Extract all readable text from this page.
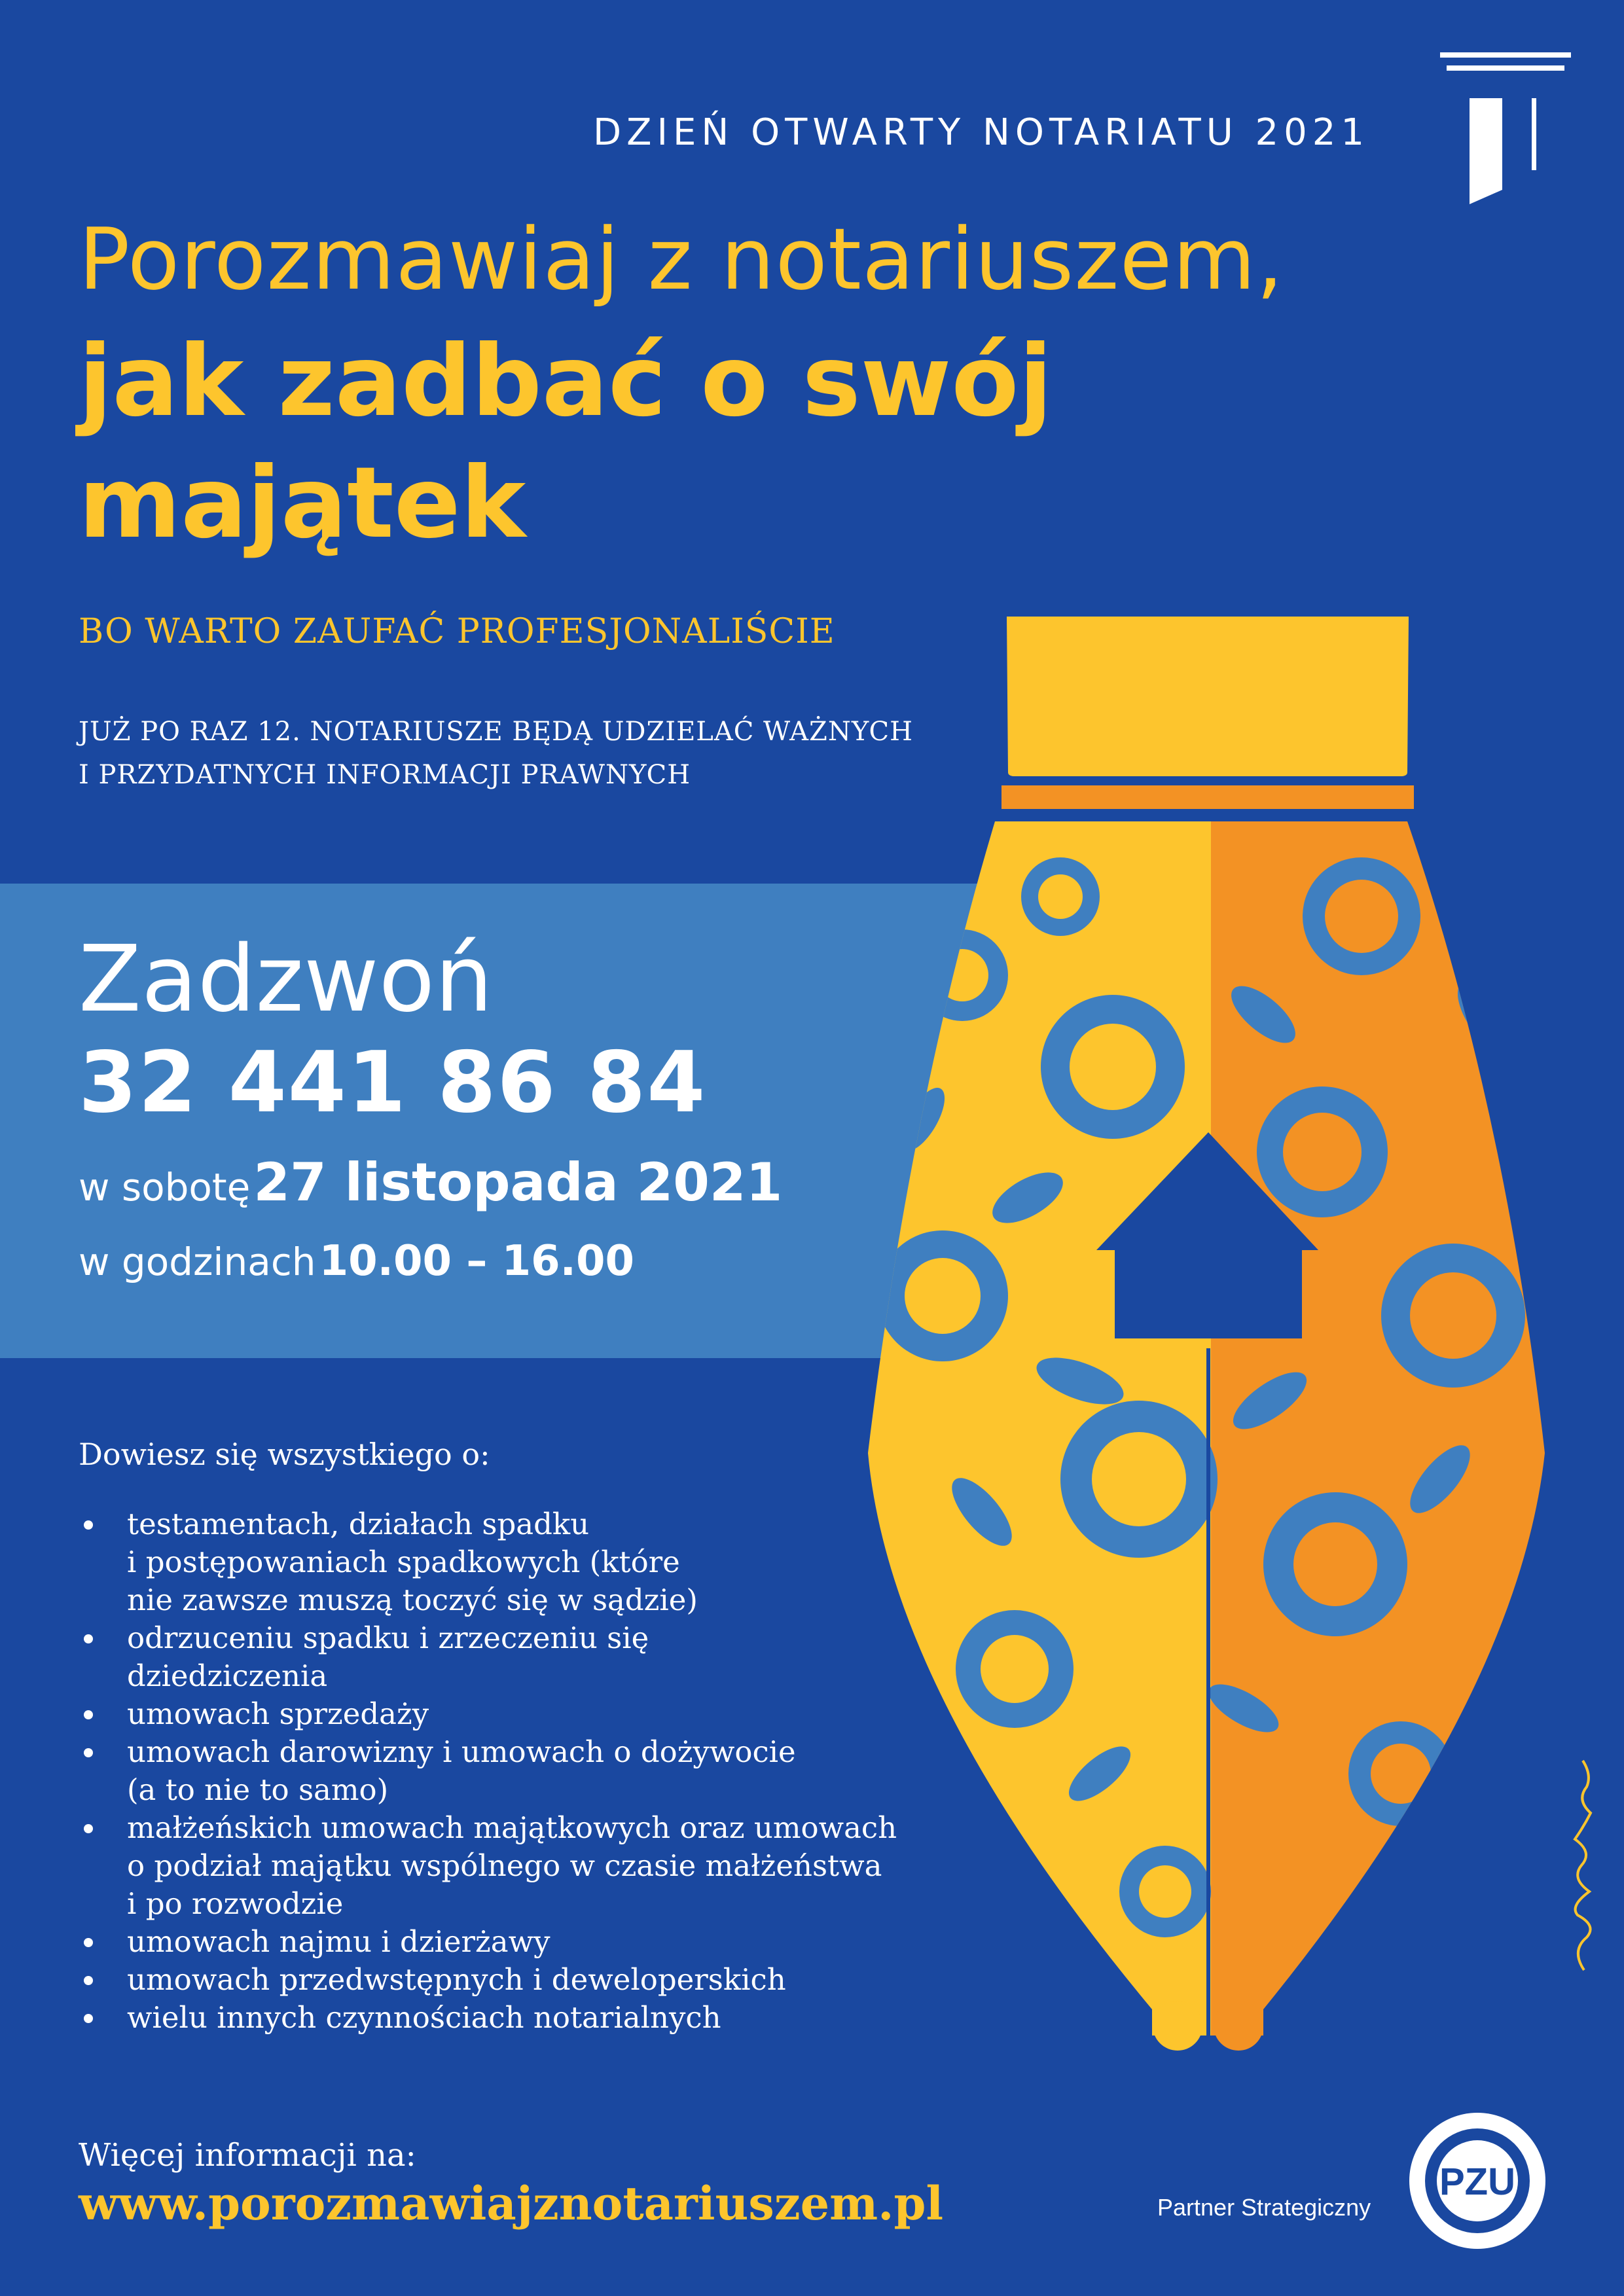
DZIEŃ OTWARTY NOTARIATU 2021
Porozmawiaj z notariuszem,
jak zadbać o swój majątek
BO WARTO ZAUFAĆ PROFESJONALIŚCIE
JUŻ PO RAZ 12. NOTARIUSZE BĘDĄ UDZIELAĆ WAŻNYCH
I PRZYDATNYCH INFORMACJI PRAWNYCH
Zadzwoń
32 441 86 84
w sobotę 27 listopada 2021
w godzinach 10.00 – 16.00
Dowiesz się wszystkiego o:
testamentach, działach spadku
i postępowaniach spadkowych (które
nie zawsze muszą toczyć się w sądzie)
odrzuceniu spadku i zrzeczeniu się
dziedziczenia
umowach sprzedaży
umowach darowizny i umowach o dożywocie
(a to nie to samo)
małżeńskich umowach majątkowych oraz umowach
o podział majątku wspólnego w czasie małżeństwa
i po rozwodzie
umowach najmu i dzierżawy
umowach przedwstępnych i deweloperskich
wielu innych czynnościach notarialnych
Więcej informacji na:
www.porozmawiajznotariuszem.pl	Partner Strategiczny
PZU
